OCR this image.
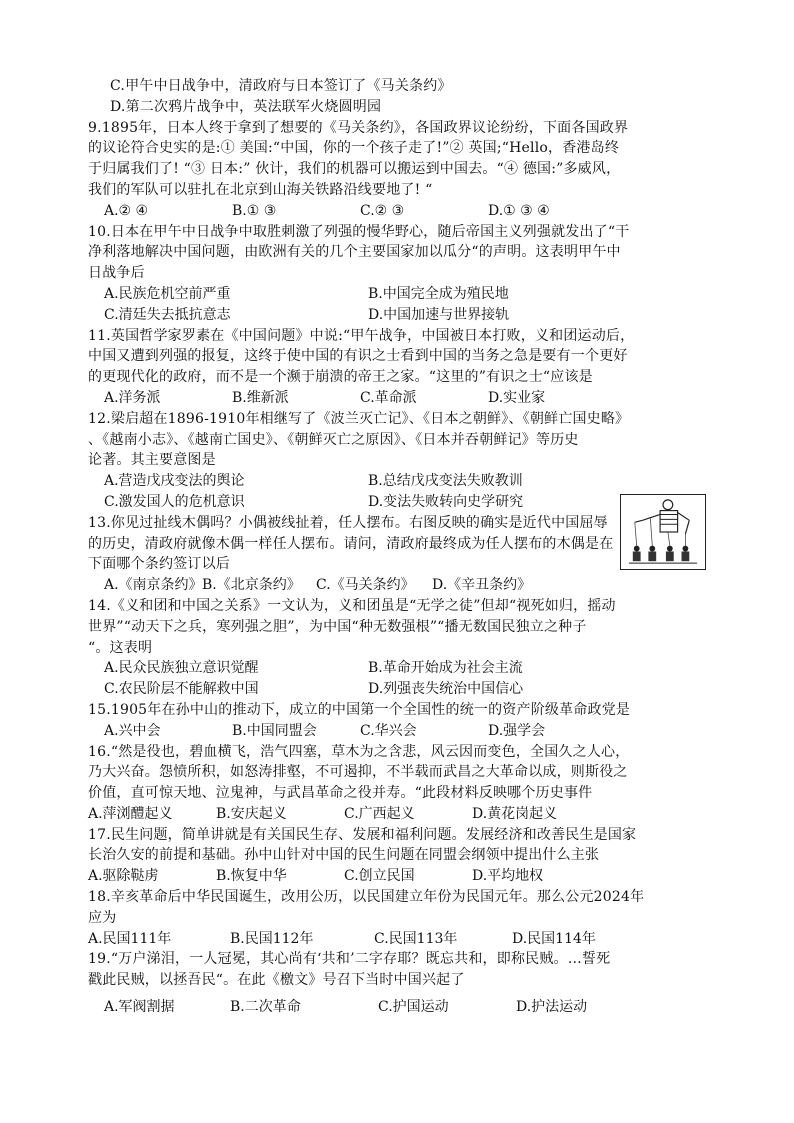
C.甲午中日战争中，清政府与日本签订了《马关条约》

D.第二次鸦片战争中，英法联军火烧圆明园

9.1895年，日本人终于拿到了想要的《马关条约》，各国政界议论纷纷，下面各国政界

的议论符合史实的是:① 美国:“中国，你的一个孩子走了!”② 英国;“Hello，香港岛终

于归属我们了! “③ 日本:” 伙计，我们的机器可以搬运到中国去。“④ 德国:”多威风，

我们的军队可以驻扎在北京到山海关铁路沿线要地了! “

A.② ④	B.① ③	C.② ③	D.① ③ ④

10.日本在甲午中日战争中取胜刺激了列强的慢华野心，随后帝国主义列强就发出了“干

净利落地解决中国问题，由欧洲有关的几个主要国家加以瓜分“的声明。这表明甲午中

日战争后

A.民族危机空前严重	B.中国完全成为殖民地
C.清廷失去抵抗意志	D.中国加速与世界接轨

11.英国哲学家罗素在《中国问题》中说:“甲午战争，中国被日本打败，义和团运动后，

中国又遭到列强的报复，这终于使中国的有识之士看到中国的当务之急是要有一个更好

的更现代化的政府，而不是一个濒于崩溃的帝王之家。“这里的”有识之士“应该是

A.洋务派	B.维新派	C.革命派	D.实业家

12.梁启超在1896-1910年相继写了《波兰灭亡记》、《日本之朝鲜》、《朝鲜亡国史略》

、《越南小志》、《越南亡国史》、《朝鲜灭亡之原因》、《日本并吞朝鲜记》等历史

论著。其主要意图是

A.营造戊戌变法的舆论	B.总结戊戌变法失败教训
C.激发国人的危机意识	D.变法失败转向史学研究

13.你见过扯线木偶吗？小偶被线扯着，任人摆布。右图反映的确实是近代中国屈辱的历史，清政府就像木偶一样任人摆布。请问，清政府最终成为任人摆布的木偶是在下面哪个条约签订以后

A.《南京条约》 B.《北京条约》	C.《马关条约》	D.《辛丑条约》

14.《义和团和中国之关系》一文认为，义和团虽是“无学之徒”但却“视死如归，摇动

世界”“动天下之兵，寒列强之胆”，为中国“种无数强根”“播无数国民独立之种子

“。这表明

A.民众民族独立意识觉醒	B.革命开始成为社会主流
C.农民阶层不能解救中国	D.列强丧失统治中国信心

15.1905年在孙中山的推动下，成立的中国第一个全国性的统一的资产阶级革命政党是

A.兴中会	B.中国同盟会	C.华兴会	D.强学会

16.“然是役也，碧血横飞，浩气四塞，草木为之含悲，风云因而变色，全国久之人心，

乃大兴奋。怨愤所积，如怒涛排壑，不可遏抑，不半载而武昌之大革命以成，则斯役之

价值，直可惊天地、泣鬼神，与武昌革命之役并寿。“此段材料反映哪个历史事件

A.萍浏醴起义	B.安庆起义	C.广西起义	D.黄花岗起义

17.民生问题，简单讲就是有关国民生存、发展和福利问题。发展经济和改善民生是国家

长治久安的前提和基础。孙中山针对中国的民生问题在同盟会纲领中提出什么主张

A.驱除鞑虏	B.恢复中华	C.创立民国	D.平均地权

18.辛亥革命后中华民国诞生，改用公历，以民国建立年份为民国元年。那么公元2024年

应为

A.民国111年	B.民国112年	C.民国113年	D.民国114年

19.“万户涕泪，一人冠冕，其心尚有‘共和’二字存耶？既忘共和，即称民贼。…誓死

戳此民贼，以拯吾民“。在此《檄文》号召下当时中国兴起了

A.军阀割据	B.二次革命	C.护国运动	D.护法运动
